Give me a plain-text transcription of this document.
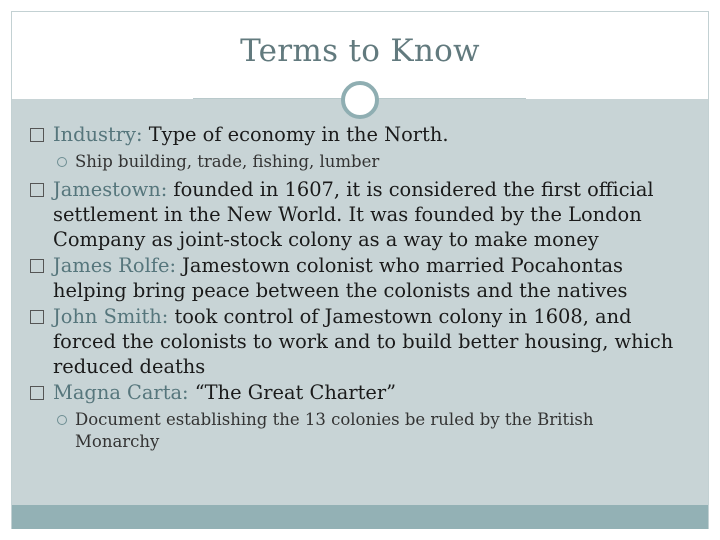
Terms to Know
Industry: Type of economy in the North.
Ship building, trade, fishing, lumber
Jamestown: founded in 1607, it is considered the first official settlement in the New World. It was founded by the London Company as joint-stock colony as a way to make money
James Rolfe: Jamestown colonist who married Pocahontas helping bring peace between the colonists and the natives
John Smith: took control of Jamestown colony in 1608, and forced the colonists to work and to build better housing, which reduced deaths
Magna Carta: “The Great Charter”
Document establishing the 13 colonies be ruled by the British Monarchy
